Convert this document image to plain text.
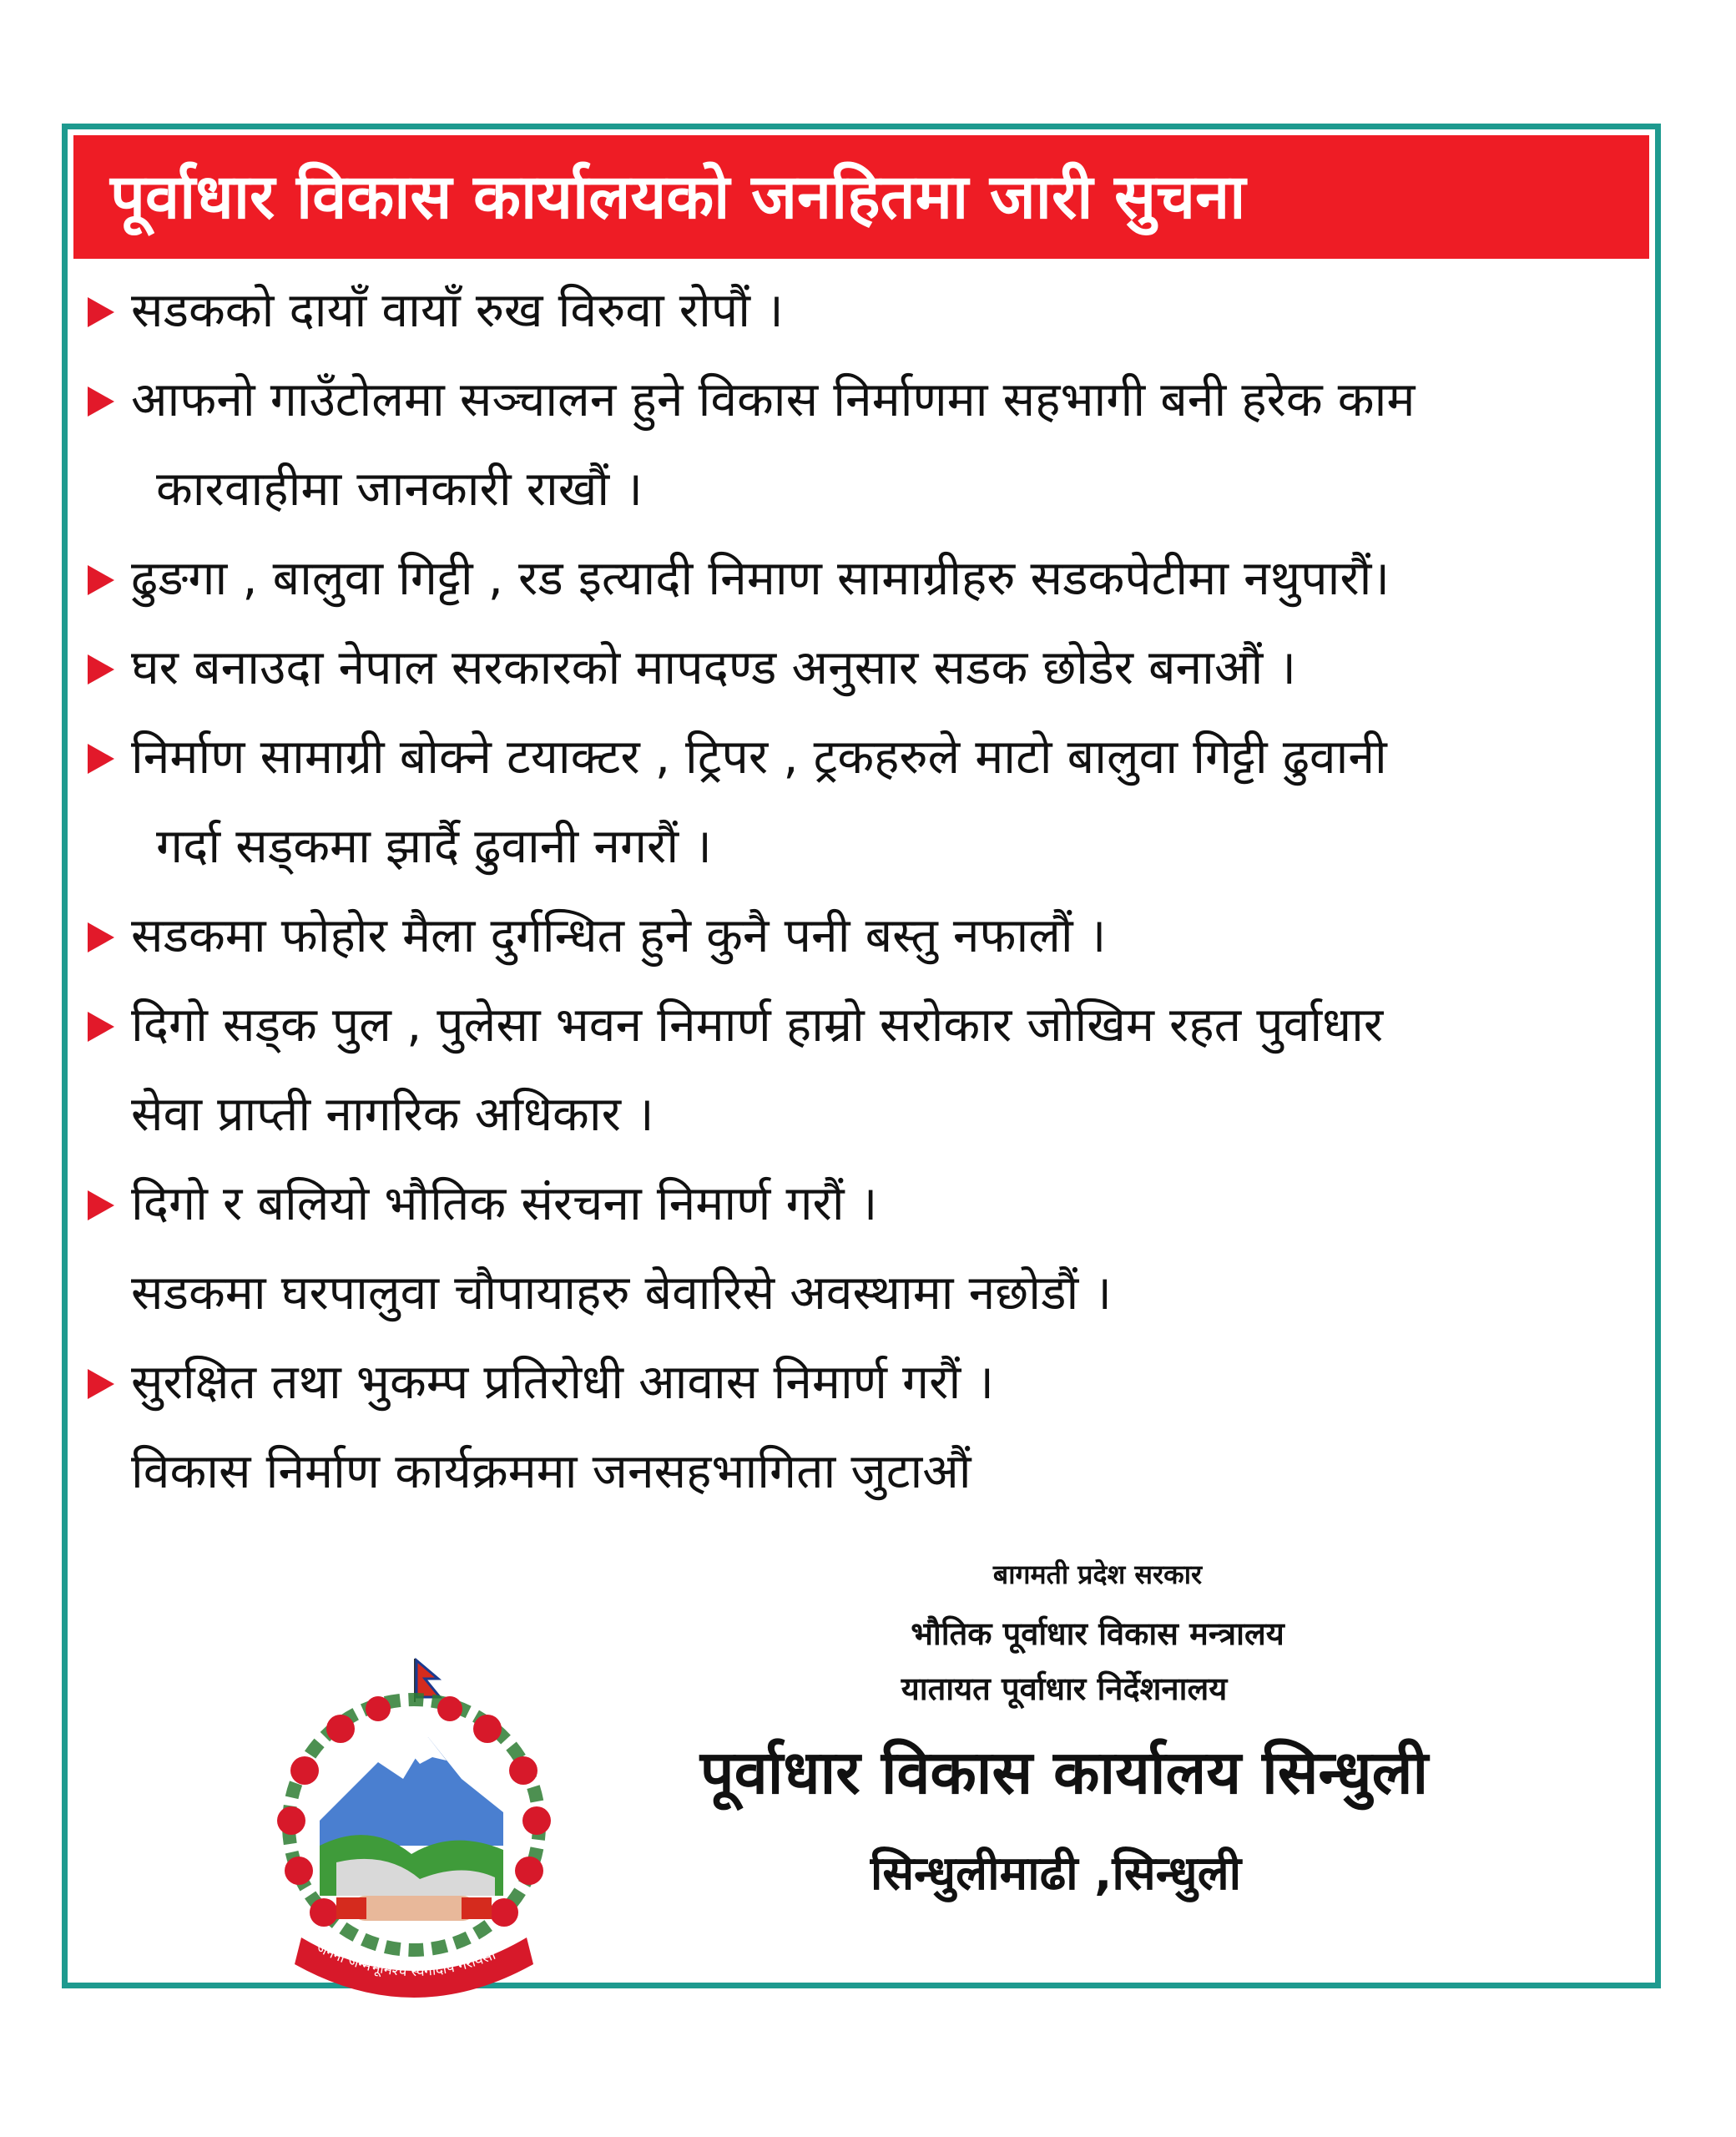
पूर्वाधार विकास कार्यालयको जनहितमा जारी सुचना
सडकको दायाँ वायाँ रुख विरुवा रोपौं ।
आफनो गाउँटोलमा सञ्चालन हुने विकास निर्माणमा सहभागी बनी हरेक काम
कारवाहीमा जानकारी राखौं ।
ढुङगा , बालुवा गिट्टी , रड इत्यादी निमाण सामाग्रीहरु सडकपेटीमा नथुपारौं।
घर बनाउदा नेपाल सरकारको मापदण्ड अनुसार सडक छोडेर बनाऔं ।
निर्माण सामाग्री बोक्ने टयाक्टर , ट्रिपर , ट्रकहरुले माटो बालुवा गिट्टी ढुवानी
गर्दा सड्कमा झार्दै ढुवानी नगरौं ।
सडकमा फोहोर मैला दुर्गन्धित हुने कुनै पनी बस्तु नफालौं ।
दिगो सड्क पुल , पुलेसा भवन निमार्ण हाम्रो सरोकार जोखिम रहत पुर्वाधार
सेवा प्राप्ती नागरिक अधिकार ।
दिगो र बलियो भौतिक संरचना निमार्ण गरौं ।
सडकमा घरपालुवा चौपायाहरु बेवारिसे अवस्थामा नछोडौं ।
सुरक्षित तथा भुकम्प प्रतिरोधी आवास निमार्ण गरौं ।
विकास निर्माण कार्यक्रममा जनसहभागिता जुटाऔं
जननी जन्मभूमिश्च स्वर्गादपि गरीयसी
बागमती प्रदेश सरकार
भौतिक पूर्वाधार विकास मन्त्रालय
यातायत पूर्वाधार निर्देशनालय
पूर्वाधार विकास कार्यालय सिन्धुली
सिन्धुलीमाढी ,सिन्धुली
